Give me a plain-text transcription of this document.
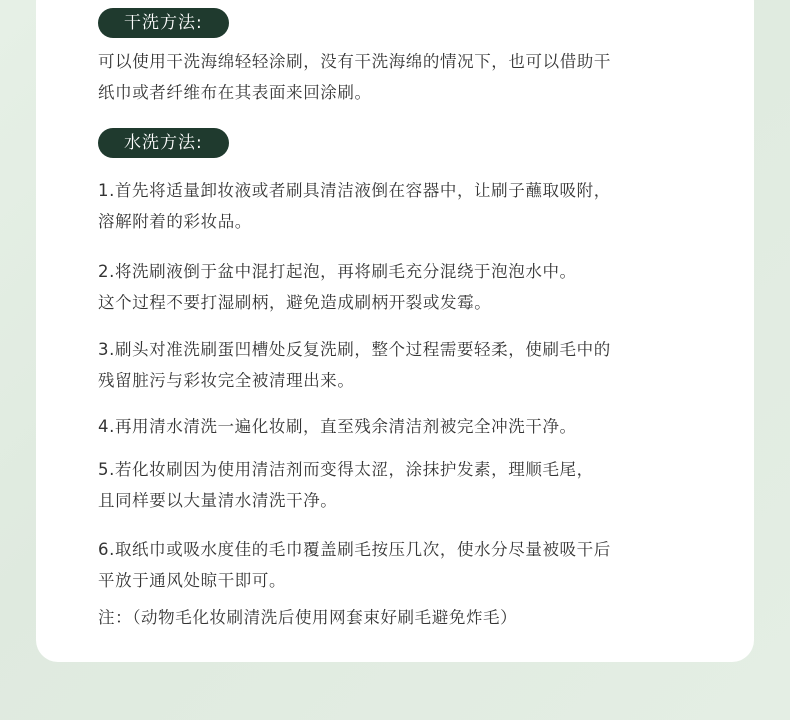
干洗方法:

可以使用干洗海绵轻轻涂刷，没有干洗海绵的情况下，也可以借助干
纸巾或者纤维布在其表面来回涂刷。

水洗方法:

1.首先将适量卸妆液或者刷具清洁液倒在容器中，让刷子蘸取吸附，
溶解附着的彩妆品。

2.将洗刷液倒于盆中混打起泡，再将刷毛充分混绕于泡泡水中。
这个过程不要打湿刷柄，避免造成刷柄开裂或发霉。

3.刷头对准洗刷蛋凹槽处反复洗刷，整个过程需要轻柔，使刷毛中的
残留脏污与彩妆完全被清理出来。

4.再用清水清洗一遍化妆刷，直至残余清洁剂被完全冲洗干净。

5.若化妆刷因为使用清洁剂而变得太涩，涂抹护发素，理顺毛尾，
且同样要以大量清水清洗干净。

6.取纸巾或吸水度佳的毛巾覆盖刷毛按压几次，使水分尽量被吸干后
平放于通风处晾干即可。

注：（动物毛化妆刷清洗后使用网套束好刷毛避免炸毛）
